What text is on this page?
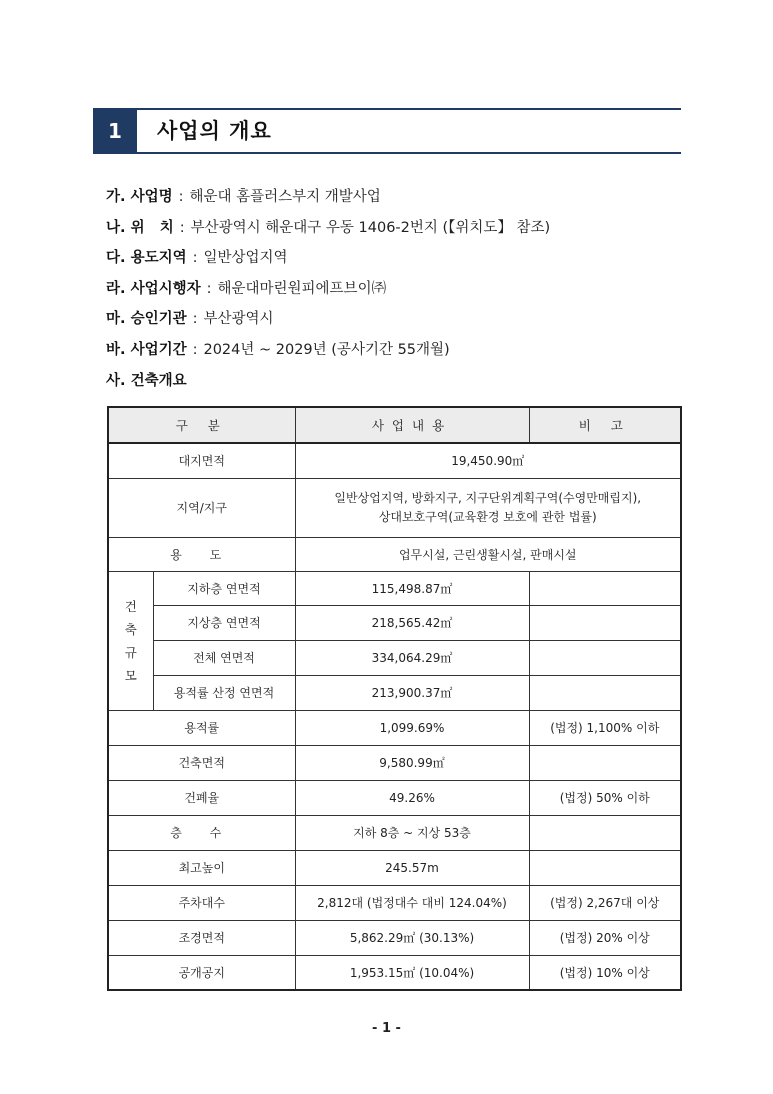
1	사업의 개요
가. 사업명 : 해운대 홈플러스부지 개발사업
나. 위   치 : 부산광역시 해운대구 우동 1406-2번지 (【위치도】 참조)
다. 용도지역 : 일반상업지역
라. 사업시행자 : 해운대마린원피에프브이㈜
마. 승인기관 : 부산광역시
바. 사업기간 : 2024년 ~ 2029년 (공사기간 55개월)
사. 건축개요
구 분		사업내용	비 고
대지면적		19,450.90㎡	
지역/지구		일반상업지역, 방화지구, 지구단위계획구역(수영만매립지),
상대보호구역(교육환경 보호에 관한 법률)	
용 도		업무시설, 근린생활시설, 판매시설	

건
축
규
모	지하층 연면적	115,498.87㎡	
	지상층 연면적	218,565.42㎡	
	전체 연면적	334,064.29㎡	
	용적률 산정 연면적	213,900.37㎡	
용적률		1,099.69%	(법정) 1,100% 이하
건축면적		9,580.99㎡	
건폐율		49.26%	(법정) 50% 이하
층 수		지하 8층 ~ 지상 53층	
최고높이		245.57m	
주차대수		2,812대 (법정대수 대비 124.04%)	(법정) 2,267대 이상
조경면적		5,862.29㎡ (30.13%)	(법정) 20% 이상
공개공지		1,953.15㎡ (10.04%)	(법정) 10% 이상
- 1 -
